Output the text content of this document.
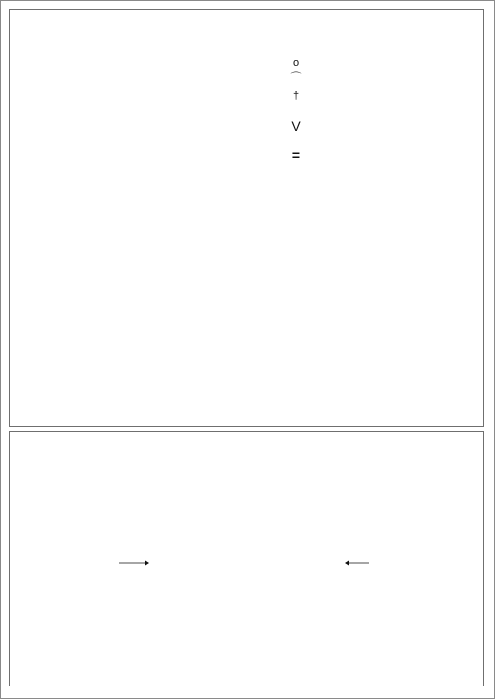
o
⌒
†
V
=
